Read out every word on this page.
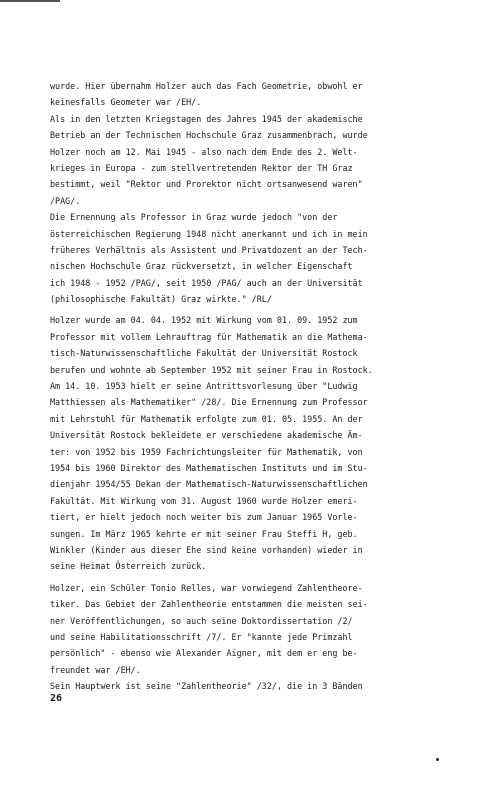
wurde. Hier übernahm Holzer auch das Fach Geometrie, obwohl er
keinesfalls Geometer war /EH/.
Als in den letzten Kriegstagen des Jahres 1945 der akademische
Betrieb an der Technischen Hochschule Graz zusammenbrach, wurde
Holzer noch am 12. Mai 1945 - also nach dem Ende des 2. Welt-
krieges in Europa - zum stellvertretenden Rektor der TH Graz
bestimmt, weil "Rektor und Prorektor nicht ortsanwesend waren"
/PAG/.
Die Ernennung als Professor in Graz wurde jedoch "von der
österreichischen Regierung 1948 nicht anerkannt und ich in mein
früheres Verhältnis als Assistent und Privatdozent an der Tech-
nischen Hochschule Graz rückversetzt, in welcher Eigenschaft
ich 1948 - 1952 /PAG/, seit 1950 /PAG/ auch an der Universität
(philosophische Fakultät) Graz wirkte." /RL/
Holzer wurde am 04. 04. 1952 mit Wirkung vom 01. 09. 1952 zum
Professor mit vollem Lehrauftrag für Mathematik an die Mathema-
tisch-Naturwissenschaftliche Fakultät der Universität Rostock
berufen und wohnte ab September 1952 mit seiner Frau in Rostock.
Am 14. 10. 1953 hielt er seine Antrittsvorlesung über "Ludwig
Matthiessen als Mathematiker" /28/. Die Ernennung zum Professor
mit Lehrstuhl für Mathematik erfolgte zum 01. 05. 1955. An der
Universität Rostock bekleidete er verschiedene akademische Äm-
ter: von 1952 bis 1959 Fachrichtungsleiter für Mathematik, von
1954 bis 1960 Direktor des Mathematischen Instituts und im Stu-
dienjahr 1954/55 Dekan der Mathematisch-Naturwissenschaftlichen
Fakultät. Mit Wirkung vom 31. August 1960 wurde Holzer emeri-
tiert, er hielt jedoch noch weiter bis zum Januar 1965 Vorle-
sungen. Im März 1965 kehrte er mit seiner Frau Steffi H, geb.
Winkler (Kinder aus dieser Ehe sind keine vorhanden) wieder in
seine Heimat Österreich zurück.
Holzer, ein Schüler Tonio Relles, war vorwiegend Zahlentheore-
tiker. Das Gebiet der Zahlentheorie entstammen die meisten sei-
ner Veröffentlichungen, so auch seine Doktordissertation /2/
und seine Habilitationsschrift /7/. Er "kannte jede Primzahl
persönlich" - ebenso wie Alexander Aigner, mit dem er eng be-
freundet war /EH/.
Sein Hauptwerk ist seine "Zahlentheorie" /32/, die in 3 Bänden
26
